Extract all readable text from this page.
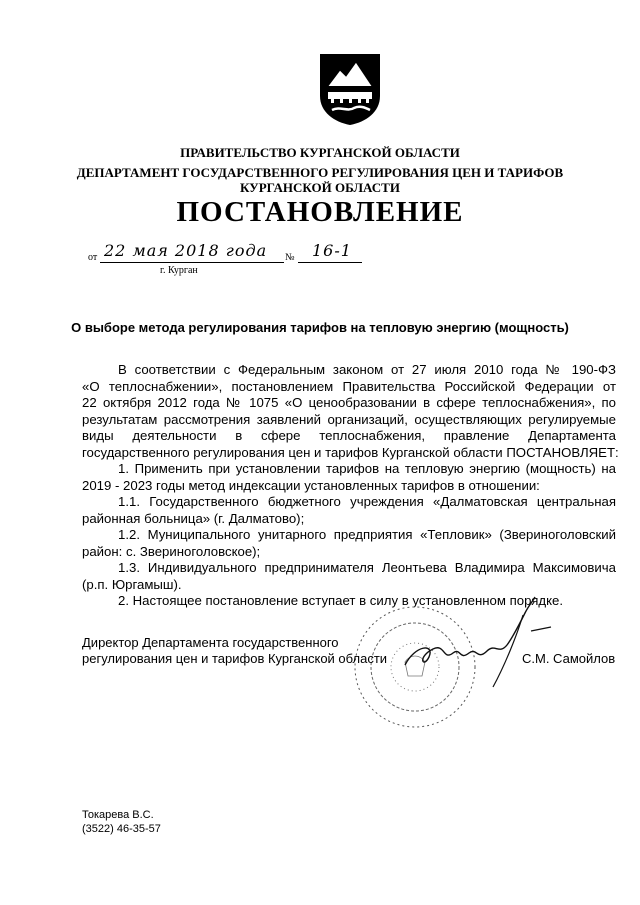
ПРАВИТЕЛЬСТВО КУРГАНСКОЙ ОБЛАСТИ
ДЕПАРТАМЕНТ ГОСУДАРСТВЕННОГО РЕГУЛИРОВАНИЯ ЦЕН И ТАРИФОВ
КУРГАНСКОЙ ОБЛАСТИ
ПОСТАНОВЛЕНИЕ
от 22 мая 2018 года № 16-1
г. Курган
О выборе метода регулирования тарифов на тепловую энергию (мощность)
В соответствии с Федеральным законом от 27 июля 2010 года № 190-ФЗ
«О теплоснабжении», постановлением Правительства Российской Федерации от
22 октября 2012 года № 1075 «О ценообразовании в сфере теплоснабжения», по
результатам рассмотрения заявлений организаций, осуществляющих регулируемые
виды деятельности в сфере теплоснабжения, правление Департамента
государственного регулирования цен и тарифов Курганской области ПОСТАНОВЛЯЕТ:
1. Применить при установлении тарифов на тепловую энергию (мощность) на
2019 - 2023 годы метод индексации установленных тарифов в отношении:
1.1. Государственного бюджетного учреждения «Далматовская центральная
районная больница» (г. Далматово);
1.2. Муниципального унитарного предприятия «Тепловик» (Звериноголовский
район: с. Звериноголовское);
1.3. Индивидуального предпринимателя Леонтьева Владимира Максимовича
(р.п. Юргамыш).
2. Настоящее постановление вступает в силу в установленном порядке.
Директор Департамента государственного
регулирования цен и тарифов Курганской области	С.М. Самойлов
Токарева В.С.
(3522) 46-35-57
